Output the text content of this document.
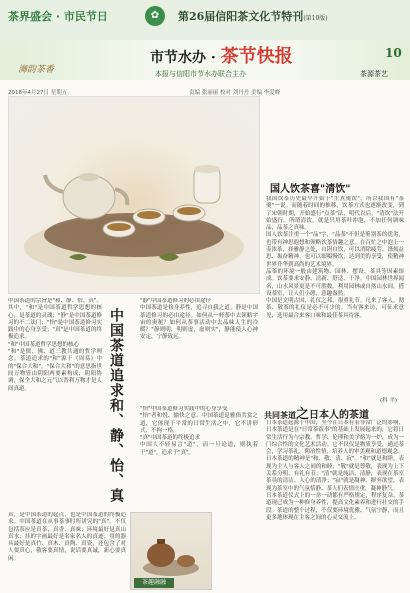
茶界盛会 · 市民节日	✿	第26届信阳茶文化节特刊(第10版)
市节水办 · 茶节快报	10
浉韵茶香	本报与信阳市节水办联合主办	茶源茶艺
2018年4月27日 星期五	责编 张丽丽 校对 刘丹丹 美编 李爱峰
国人饮茶喜"清饮"
我国饮茶历史最早开始于"生煮羹饮"，所以我国有"茶羹"一说。而随着时间的推移，饮茶方式也逐渐改变，到了宋朝时期，开始盛行"点茶"法，明代以后，"清饮"法开始盛行。所谓清饮，就是只用茶叶冲泡，不加任何调味品，品茶之真味。
国人饮茶注重一个"品"字，"品茶"不但是鉴别茶的优劣，也带有神思遐想和领略饮茶情趣之意。在百忙之中泡上一壶浓茶，择雅静之处，自斟自饮，可以消除疲劳、涤烦益思、振奋精神，也可以细啜慢饮，达到美的享受，使精神世界升华到高尚的艺术境界。
品茶的环境一般由建筑物、园林、摆设、茶具等因素组成。饮茶要求安静、清新、舒适、干净。中国园林世界闻名，山水风景更是不可胜数。利用园林或自然山水间，搭设茶室，让人们小憩，意趣盎然。
中国是文明古国，礼仪之邦，很重礼节。凡来了客人，沏茶、敬茶的礼仪是必不可少的。当有客来访，可征求意见，选用最合来客口味和最佳茶具待客。
(科 平)
共同茶道之日本人的茶道
日本茶道起源于中国，至今在日本有着非常广泛的影响，日本茶道是在"日常茶饭事"的基础上发展起来的，它将日常生活行为与宗教、哲学、伦理和美学熔为一炉，成为一门综合性的文化艺术活动。它不仅仅是物质享受，通过茶会，学习茶礼，陶冶性情，培养人的审美观和道德观念。
日本茶道的精神是"和、敬、清、寂"。"和"就是和睦，表现为主人与客人之间的和睦；"敬"就是尊敬，表现为上下关系分明，有礼有节；"清"就是纯洁、清静，表现在茶室茶具的清洁、人心的清净；"寂"就是凝神、摒弃欲望，表现为茶室中的气氛恬静、茶人们表情庄重，凝神静气。
日本茶道仪式上的一举一动都有严格规定，程序复杂。茶道现已成为一种修身养性，提高文化素养和进行社交的手段。茶道的整个过程，不仅要环境优雅、气氛宁静，而且更多地体现在主客之间的心灵交流上。
中国茶道的宗旨是"和、静、怡、真"。其中，"和"是中国茶道哲学思想的核心，是茶道的灵魂；"静"是中国茶道修习的不二法门；"怡"是中国茶道修习实践中的心身享受；"真"是中国茶道的终极追求。
"和"中国茶道哲学思想的核心
"和"是儒、佛、道三教共通的哲学理念。茶道追求的"和"源于《周易》中的"保合大和"。"保合大和"的意思指世间万物皆由阴阳两要素构成，阴阳协调，保全大和之元气以普利万物才是人间真道。	中国茶道追求和、静、怡、真
"静"中国茶道修习的必由途径
中国茶道是修身养性，追寻自我之道。静是中国茶道修习的必由途径。如何从一杯茶中去领略宇宙的奥秘？如何从茶事活动中去品味人生的冷暖？"静则明，明则虚，虚则实"，静能使人心神安定，宁静致远。
"怡"中国茶道修习实践中的心身享受
"怡"者和悦、愉快之意。中国茶道是雅俗共赏之道，它体现于平常的日常生活之中，它不讲形式，不拘一格。
"真"中国茶道的终极追求
中国人不轻易言"道"，而一旦论道，则执着于"道"，追求于"真"。
真，是中国茶道的起点，也是中国茶道的终极追求。中国茶道在从事茶事时所讲究的"真"，不仅包括茶应是真茶、真香、真味；环境最好是真山真水；挂的字画最好是名家名人的真迹；用的器具最好是真竹、真木、真陶、真瓷，还包含了对人要真心，敬客要真情，说话要真诚，新心要真闲。
茶趣融融
